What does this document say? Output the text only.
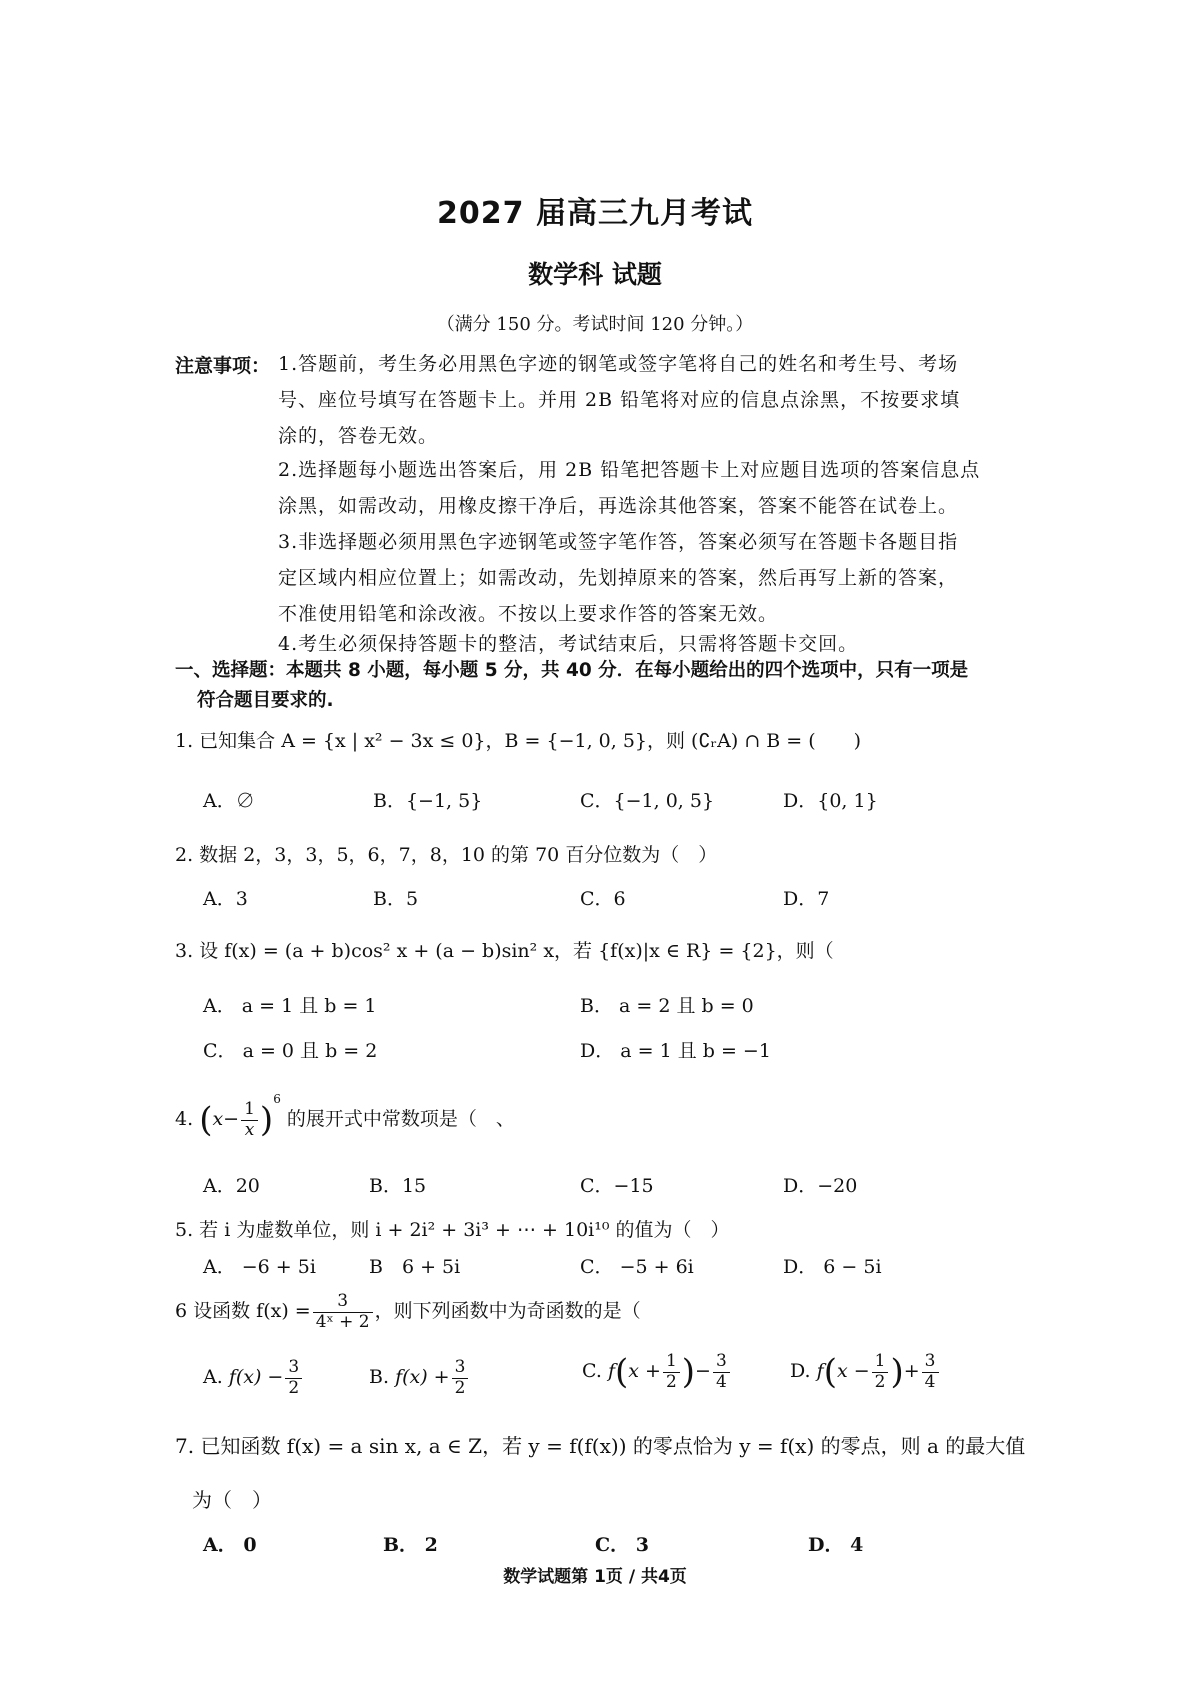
2027 届高三九月考试
数学科 试题
（满分 150 分。考试时间 120 分钟。）
注意事项： 1.答题前，考生务必用黑色字迹的钢笔或签字笔将自己的姓名和考生号、考场
号、座位号填写在答题卡上。并用 2B 铅笔将对应的信息点涂黑，不按要求填
涂的，答卷无效。
2.选择题每小题选出答案后，用 2B 铅笔把答题卡上对应题目选项的答案信息点
涂黑，如需改动，用橡皮擦干净后，再选涂其他答案，答案不能答在试卷上。
3.非选择题必须用黑色字迹钢笔或签字笔作答，答案必须写在答题卡各题目指
定区域内相应位置上；如需改动，先划掉原来的答案，然后再写上新的答案，
不准使用铅笔和涂改液。不按以上要求作答的答案无效。
4.考生必须保持答题卡的整洁，考试结束后，只需将答题卡交回。
一、选择题：本题共 8 小题，每小题 5 分，共 40 分．在每小题给出的四个选项中，只有一项是
符合题目要求的.
1. 已知集合 A = {x | x² − 3x ≤ 0}，B = {−1, 0, 5}，则 (∁ᵣA) ∩ B = (　　)
A．∅	B．{−1, 5}	C．{−1, 0, 5}	D．{0, 1}
2. 数据 2，3，3，5，6，7，8，10 的第 70 百分位数为（　）
A．3	B．5	C．6	D．7
3. 设 f(x) = (a + b)cos² x + (a − b)sin² x，若 {f(x)|x ∈ R} = {2}，则（
A． a = 1 且 b = 1	B． a = 2 且 b = 0
C． a = 0 且 b = 2	D． a = 1 且 b = −1
4. $(x- \frac{1}{x} )^6$ 的展开式中常数项是（　、
A．20	B．15	C．−15	D．−20
5. 若 i 为虚数单位，则 i + 2i² + 3i³ + ⋯ + 10i¹⁰ 的值为（　）
A． −6 + 5i	B　6 + 5i	C． −5 + 6i	D． 6 − 5i
6 设函数 $f(x) = \frac{3}{\text{4ˣ + 2}}$ ，则下列函数中为奇函数的是（
A. $f(x) - \frac{3}{2}$	B. $f(x) + \frac{3}{2}$	C. $f(x + \frac{1}{2}$ )− $\frac{3}{4}$	D. $f(x - \frac{1}{2}$ )+ $\frac{3}{4}$
7. 已知函数 f(x) = a sin x, a ∈ Z，若 y = f(f(x)) 的零点恰为 y = f(x) 的零点，则 a 的最大值
为（　）
A． 0	B． 2	C． 3	D． 4
数学试题第 1页 / 共4页
